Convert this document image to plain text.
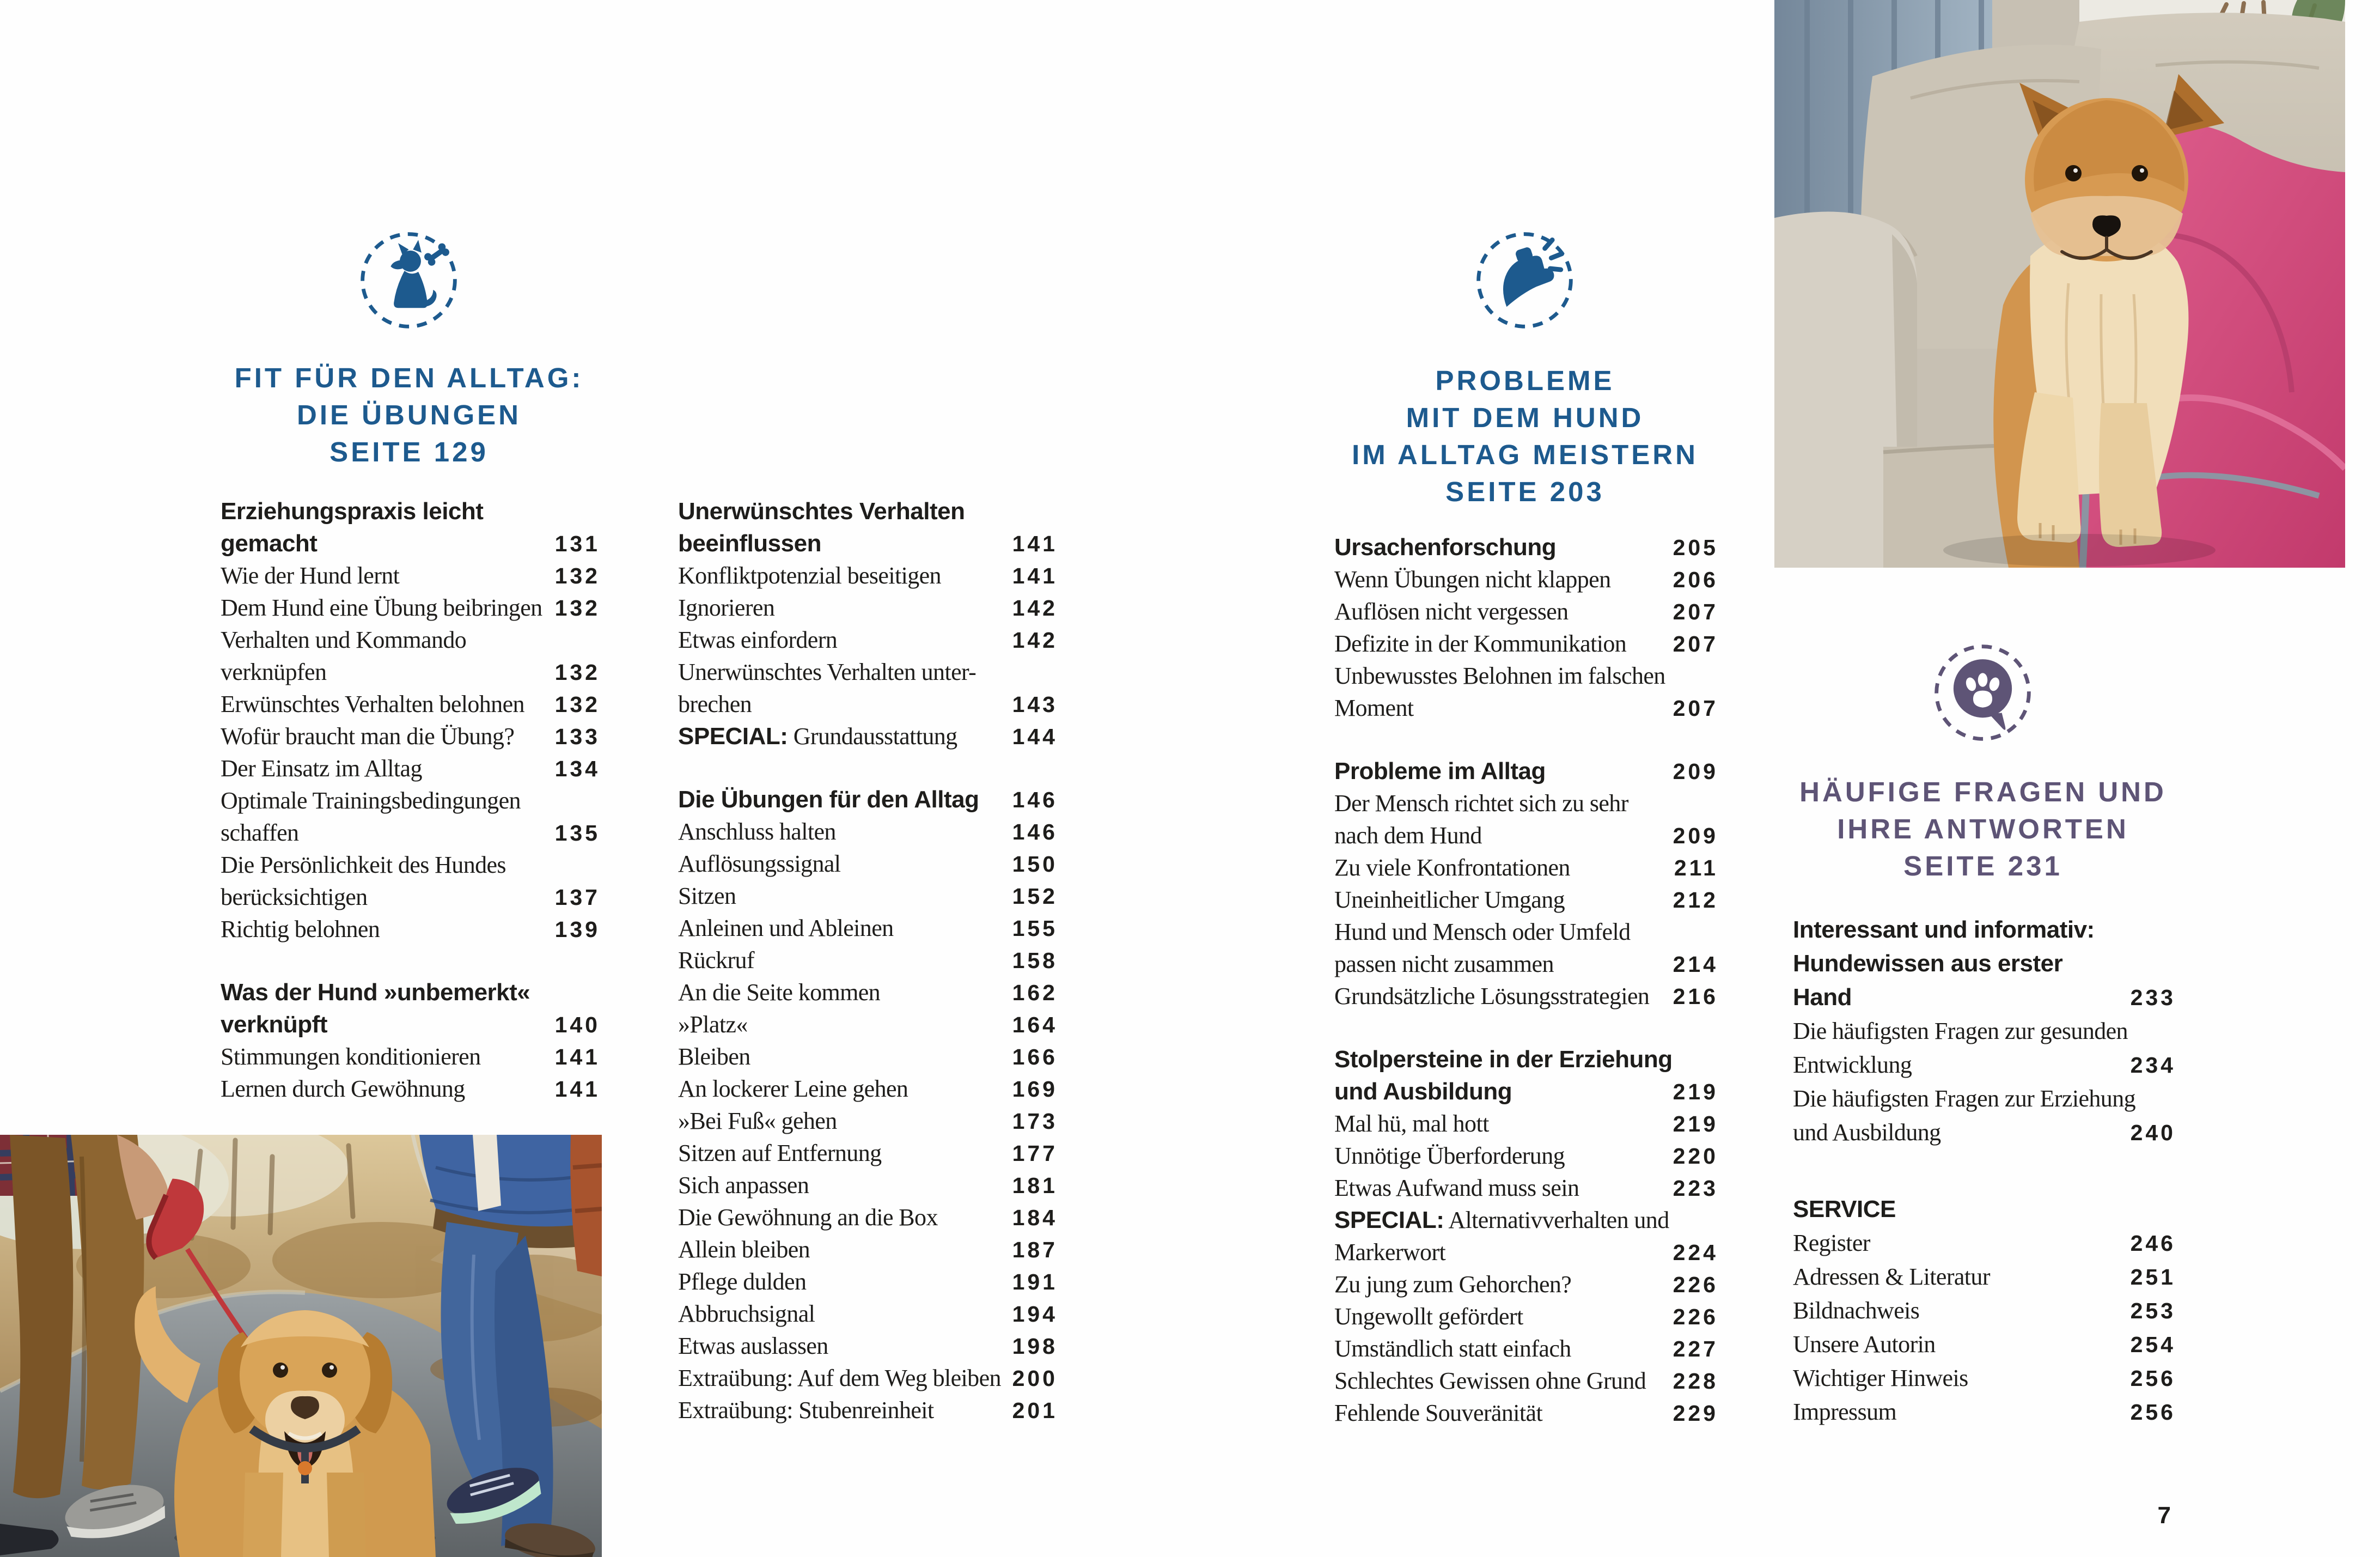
7
FIT FÜR DEN ALLTAG:
DIE ÜBUNGEN
SEITE 129
Erziehungspraxis leicht
gemacht	131
Wie der Hund lernt	132
Dem Hund eine Übung beibringen 132
Verhalten und Kommando
verknüpfen	132
Erwünschtes Verhalten belohnen 132
Wofür braucht man die Übung? 133
Der Einsatz im Alltag	134
Optimale Trainingsbedingungen
schaffen	135
Die Persönlichkeit des Hundes
berücksichtigen	137
Richtig belohnen	139
Was der Hund »unbemerkt«
verknüpft	140
Stimmungen konditionieren	141
Lernen durch Gewöhnung	141
Unerwünschtes Verhalten
beeinflussen	141
Konfliktpotenzial beseitigen	141
Ignorieren	142
Etwas einfordern	142
Unerwünschtes Verhalten unter-
brechen	143
SPECIAL: Grundausstattung 144
Die Übungen für den Alltag 146
Anschluss halten	146
Auflösungssignal	150
Sitzen	152
Anleinen und Ableinen	155
Rückruf	158
An die Seite kommen	162
»Platz«	164
Bleiben	166
An lockerer Leine gehen	169
»Bei Fuß« gehen	173
Sitzen auf Entfernung	177
Sich anpassen	181
Die Gewöhnung an die Box	184
Allein bleiben	187
Pflege dulden	191
Abbruchsignal	194
Etwas auslassen	198
Extraübung: Auf dem Weg bleiben 200
Extraübung: Stubenreinheit	201
PROBLEME
MIT DEM HUND
IM ALLTAG MEISTERN
SEITE 203
Ursachenforschung	205
Wenn Übungen nicht klappen	206
Auflösen nicht vergessen	207
Defizite in der Kommunikation 207
Unbewusstes Belohnen im falschen
Moment	207
Probleme im Alltag	209
Der Mensch richtet sich zu sehr
nach dem Hund	209
Zu viele Konfrontationen	211
Uneinheitlicher Umgang	212
Hund und Mensch oder Umfeld
passen nicht zusammen	214
Grundsätzliche Lösungsstrategien 216
Stolpersteine in der Erziehung
und Ausbildung	219
Mal hü, mal hott	219
Unnötige Überforderung	220
Etwas Aufwand muss sein	223
SPECIAL: Alternativverhalten und
Markerwort	224
Zu jung zum Gehorchen?	226
Ungewollt gefördert	226
Umständlich statt einfach	227
Schlechtes Gewissen ohne Grund 228
Fehlende Souveränität	229
HÄUFIGE FRAGEN UND
IHRE ANTWORTEN
SEITE 231
Interessant und informativ:
Hundewissen aus erster
Hand	233
Die häufigsten Fragen zur gesunden
Entwicklung	234
Die häufigsten Fragen zur Erziehung
und Ausbildung	240
SERVICE
Register	246
Adressen & Literatur	251
Bildnachweis	253
Unsere Autorin	254
Wichtiger Hinweis	256
Impressum	256
